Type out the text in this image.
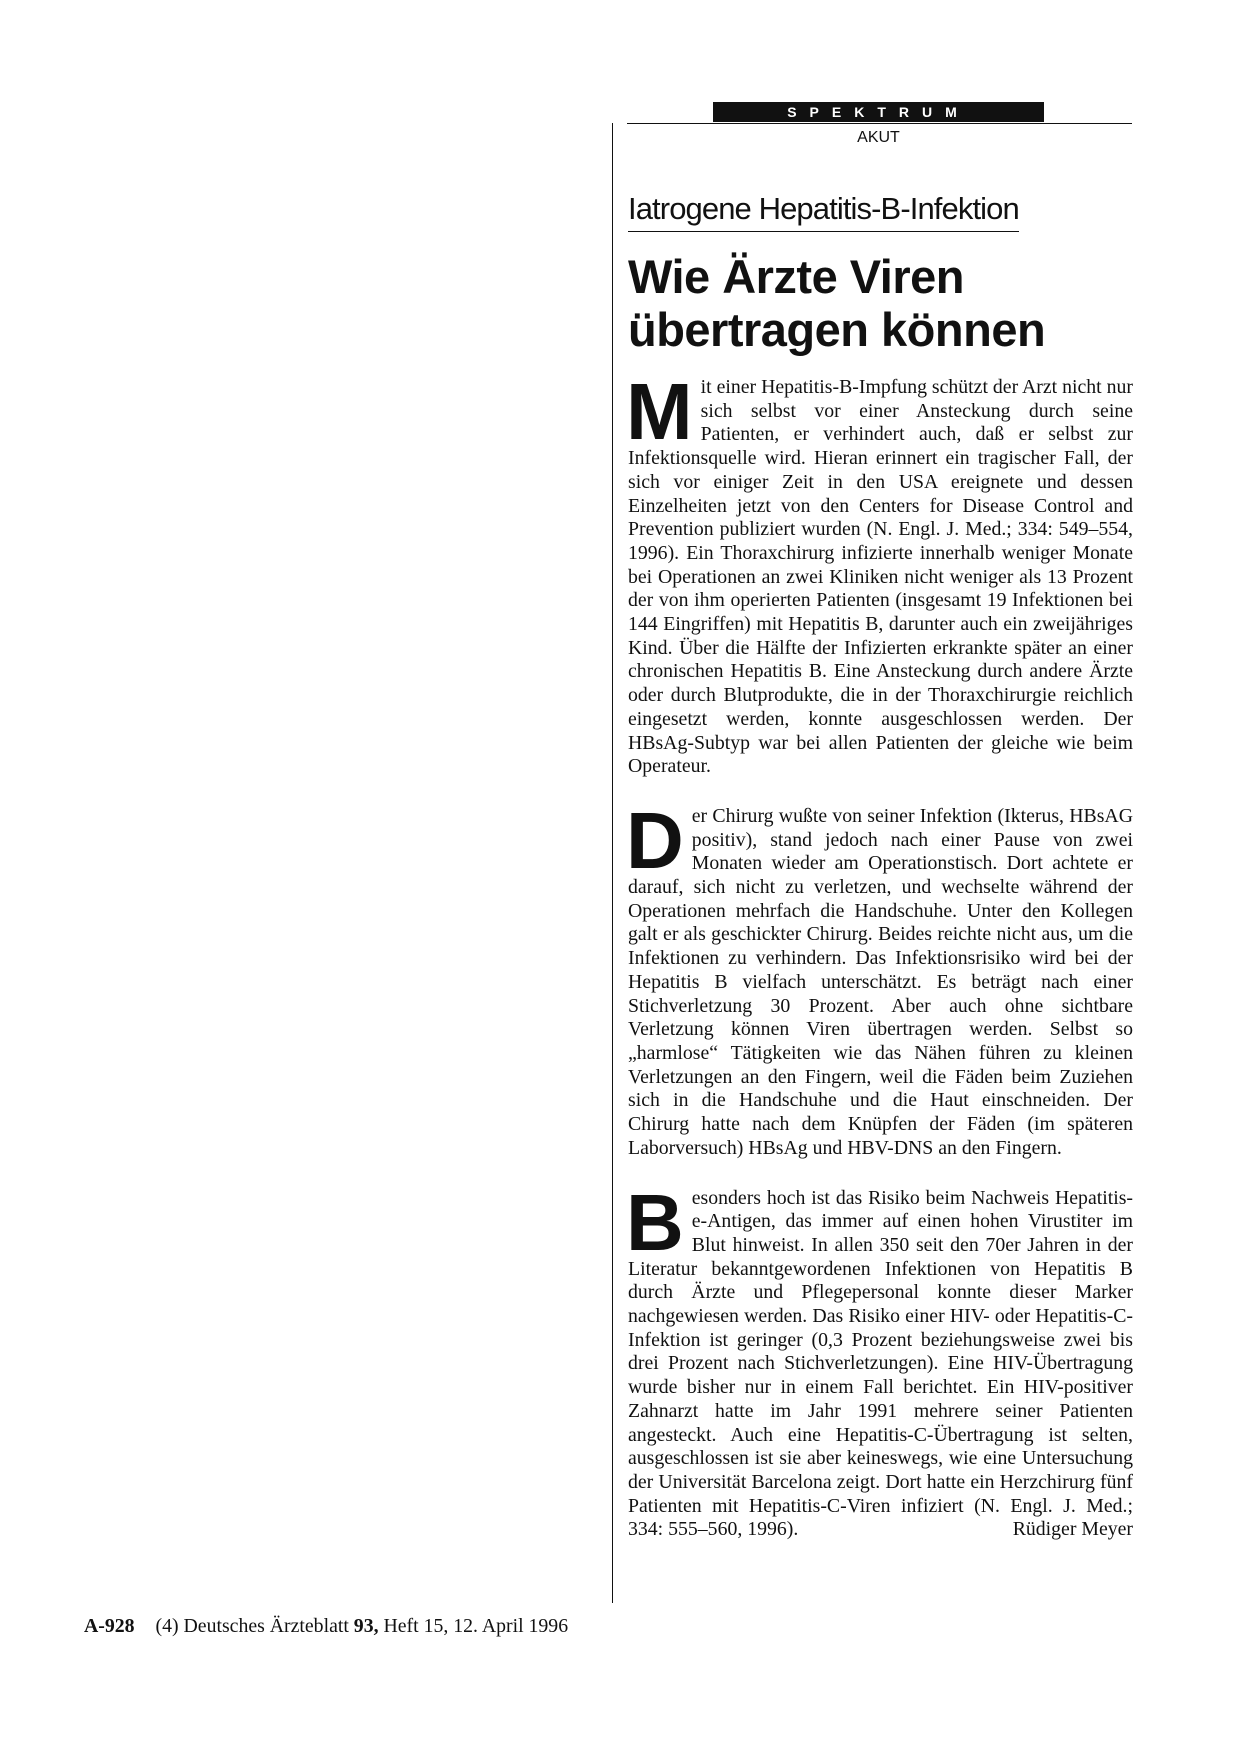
SPEKTRUM
AKUT
Iatrogene Hepatitis-B-Infektion
Wie Ärzte Viren
übertragen können

Mit einer Hepatitis-B-Impfung schützt der Arzt nicht nur sich selbst vor einer Ansteckung durch seine Patienten, er verhindert auch, daß er selbst zur Infektionsquelle wird. Hieran erinnert ein tragischer Fall, der sich vor einiger Zeit in den USA ereignete und dessen Einzelheiten jetzt von den Centers for Disease Control and Prevention publiziert wurden (N. Engl. J. Med.; 334: 549–554, 1996). Ein Thoraxchirurg infizierte innerhalb weniger Monate bei Operationen an zwei Kliniken nicht weniger als 13 Prozent der von ihm operierten Patienten (insgesamt 19 Infektionen bei 144 Eingriffen) mit Hepatitis B, darunter auch ein zweijähriges Kind. Über die Hälfte der Infizierten erkrankte später an einer chronischen Hepatitis B. Eine Ansteckung durch andere Ärzte oder durch Blutprodukte, die in der Thoraxchirurgie reichlich eingesetzt werden, konnte ausgeschlossen werden. Der HBsAg-Subtyp war bei allen Patienten der gleiche wie beim Operateur.

Der Chirurg wußte von seiner Infektion (Ikterus, HBsAG positiv), stand jedoch nach einer Pause von zwei Monaten wieder am Operationstisch. Dort achtete er darauf, sich nicht zu verletzen, und wechselte während der Operationen mehrfach die Handschuhe. Unter den Kollegen galt er als geschickter Chirurg. Beides reichte nicht aus, um die Infektionen zu verhindern. Das Infektionsrisiko wird bei der Hepatitis B vielfach unterschätzt. Es beträgt nach einer Stichverletzung 30 Prozent. Aber auch ohne sichtbare Verletzung können Viren übertragen werden. Selbst so „harmlose“ Tätigkeiten wie das Nähen führen zu kleinen Verletzungen an den Fingern, weil die Fäden beim Zuziehen sich in die Handschuhe und die Haut einschneiden. Der Chirurg hatte nach dem Knüpfen der Fäden (im späteren Laborversuch) HBsAg und HBV-DNS an den Fingern.

Besonders hoch ist das Risiko beim Nachweis Hepatitis-e-Antigen, das immer auf einen hohen Virustiter im Blut hinweist. In allen 350 seit den 70er Jahren in der Literatur bekanntgewordenen Infektionen von Hepatitis B durch Ärzte und Pflegepersonal konnte dieser Marker nachgewiesen werden. Das Risiko einer HIV- oder Hepatitis-C-Infektion ist geringer (0,3 Prozent beziehungsweise zwei bis drei Prozent nach Stichverletzungen). Eine HIV-Übertragung wurde bisher nur in einem Fall berichtet. Ein HIV-positiver Zahnarzt hatte im Jahr 1991 mehrere seiner Patienten angesteckt. Auch eine Hepatitis-C-Übertragung ist selten, ausgeschlossen ist sie aber keineswegs, wie eine Untersuchung der Universität Barcelona zeigt. Dort hatte ein Herzchirurg fünf Patienten mit Hepatitis-C-Viren infiziert (N. Engl. J. Med.; 334: 555–560, 1996).	Rüdiger Meyer

A-928 (4) Deutsches Ärzteblatt 93, Heft 15, 12. April 1996
